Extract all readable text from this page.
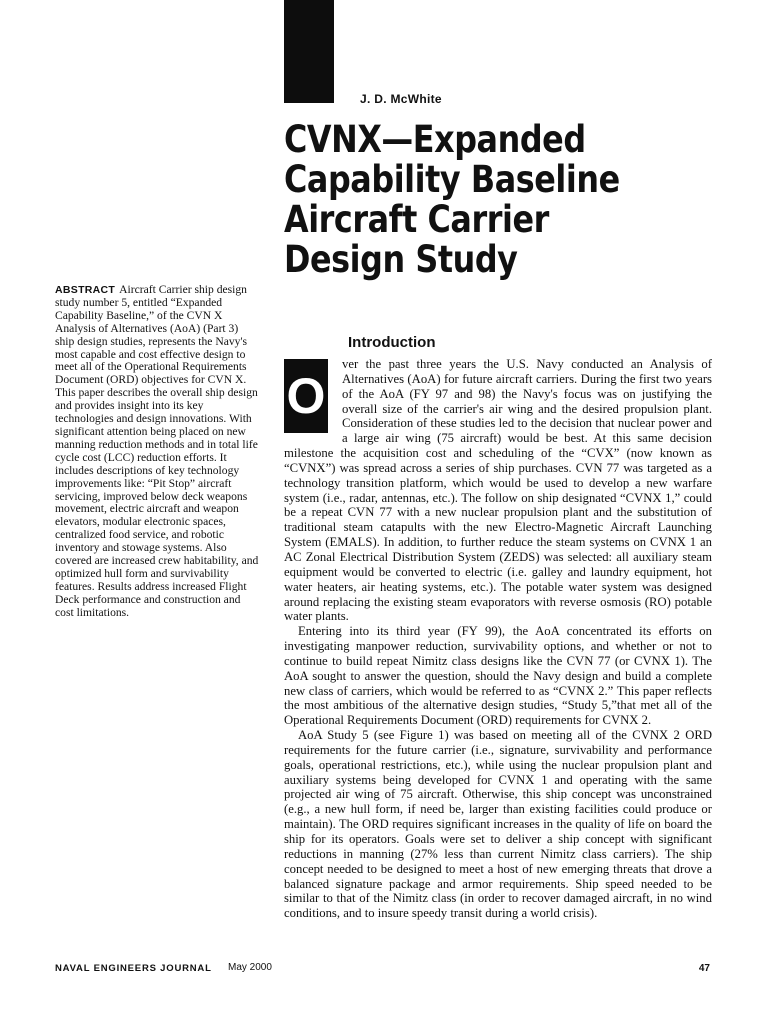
J. D. McWhite
CVNX—Expanded
Capability Baseline
Aircraft Carrier
Design Study
ABSTRACT Aircraft Carrier ship design study number 5, entitled “Expanded Capability Baseline,” of the CVN X Analysis of Alternatives (AoA) (Part 3) ship design studies, represents the Navy's most capable and cost effective design to meet all of the Operational Requirements Document (ORD) objectives for CVN X. This paper describes the overall ship design and provides insight into its key technologies and design innovations. With significant attention being placed on new manning reduction methods and in total life cycle cost (LCC) reduction efforts. It includes descriptions of key technology improvements like: “Pit Stop” aircraft servicing, improved below deck weapons movement, electric aircraft and weapon elevators, modular electronic spaces, centralized food service, and robotic inventory and stowage systems. Also covered are increased crew habitability, and optimized hull form and survivability features. Results address increased Flight Deck performance and construction and cost limitations.
Introduction
O

ver the past three years the U.S. Navy conducted an Analysis of Alternatives (AoA) for future aircraft carriers. During the first two years of the AoA (FY 97 and 98) the Navy's focus was on justifying the overall size of the carrier's air wing and the desired propulsion plant. Consideration of these studies led to the decision that nuclear power and a large air wing (75 aircraft) would be best. At this same decision milestone the acquisition cost and scheduling of the “CVX” (now known as “CVNX”) was spread across a series of ship purchases. CVN 77 was targeted as a technology transition platform, which would be used to develop a new warfare system (i.e., radar, antennas, etc.). The follow on ship designated “CVNX 1,” could be a repeat CVN 77 with a new nuclear propulsion plant and the substitution of traditional steam catapults with the new Electro-Magnetic Aircraft Launching System (EMALS). In addition, to further reduce the steam systems on CVNX 1 an AC Zonal Electrical Distribution System (ZEDS) was selected: all auxiliary steam equipment would be converted to electric (i.e. galley and laundry equipment, hot water heaters, air heating systems, etc.). The potable water system was designed around replacing the existing steam evaporators with reverse osmosis (RO) potable water plants.

Entering into its third year (FY 99), the AoA concentrated its efforts on investigating manpower reduction, survivability options, and whether or not to continue to build repeat Nimitz class designs like the CVN 77 (or CVNX 1). The AoA sought to answer the question, should the Navy design and build a complete new class of carriers, which would be referred to as “CVNX 2.” This paper reflects the most ambitious of the alternative design studies, “Study 5,”that met all of the Operational Requirements Document (ORD) requirements for CVNX 2.

AoA Study 5 (see Figure 1) was based on meeting all of the CVNX 2 ORD requirements for the future carrier (i.e., signature, survivability and performance goals, operational restrictions, etc.), while using the nuclear propulsion plant and auxiliary systems being developed for CVNX 1 and operating with the same projected air wing of 75 aircraft. Otherwise, this ship concept was unconstrained (e.g., a new hull form, if need be, larger than existing facilities could produce or maintain). The ORD requires significant increases in the quality of life on board the ship for its operators. Goals were set to deliver a ship concept with significant reductions in manning (27% less than current Nimitz class carriers). The ship concept needed to be designed to meet a host of new emerging threats that drove a balanced signature package and armor requirements. Ship speed needed to be similar to that of the Nimitz class (in order to recover damaged aircraft, in no wind conditions, and to insure speedy transit during a world crisis).

NAVAL ENGINEERS JOURNAL May 2000	47
